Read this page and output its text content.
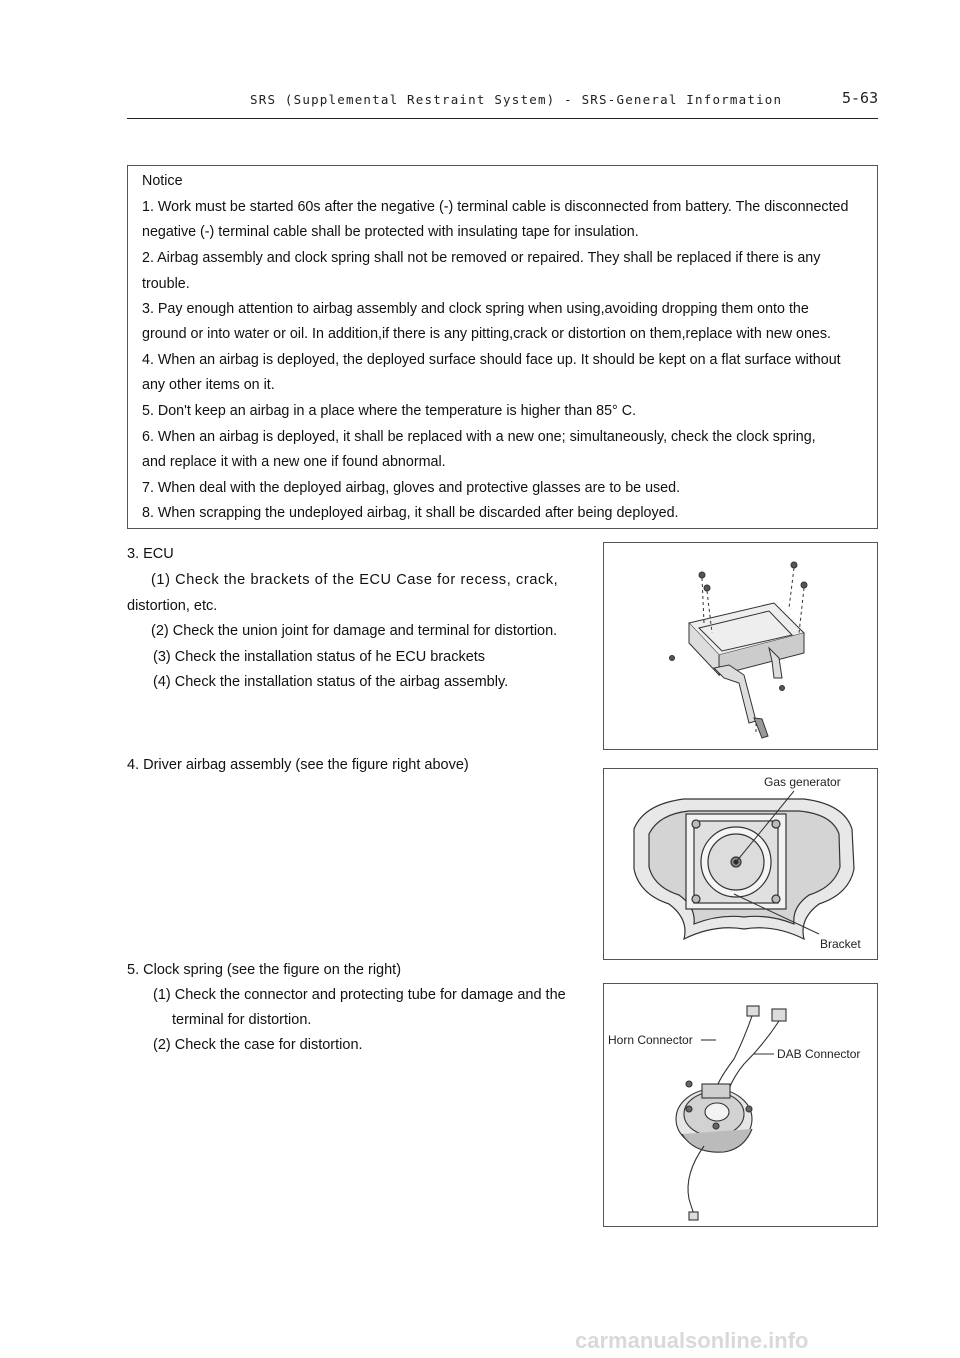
SRS (Supplemental Restraint System) - SRS-General Information	5-63
Notice
1. Work must be started 60s after the negative (-) terminal cable is disconnected from battery. The disconnected
negative (-) terminal cable shall be protected with insulating tape for insulation.
2. Airbag assembly and clock spring shall not be removed or repaired. They shall be replaced if there is any
trouble.
3. Pay enough attention to airbag assembly and clock spring when using,avoiding dropping them onto the
ground or into water or oil. In addition,if there is any pitting,crack or distortion on them,replace with new ones.
4. When an airbag is deployed, the deployed surface should face up. It should be kept on a flat surface without
any other items on it.
5. Don't keep an airbag in a place where the temperature is higher than 85° C.
6. When an airbag is deployed, it shall be replaced with a new one; simultaneously, check the clock spring,
and replace it with a new one if found abnormal.
7. When deal with the deployed airbag, gloves and protective glasses are to be used.
8. When scrapping the undeployed airbag, it shall be discarded after being deployed.
3. ECU
(1) Check the brackets of the ECU Case for recess, crack,
distortion, etc.
(2) Check the union joint for damage and terminal for distortion.
(3) Check the installation status of he ECU brackets
(4) Check the installation status of the airbag assembly.
4. Driver airbag assembly (see the figure right above)
Gas generator
Bracket
5. Clock spring (see the figure on the right)
(1) Check the connector and protecting tube for damage and the
terminal for distortion.
(2) Check the case for distortion.	Horn Connector
DAB Connector
carmanualsonline.info
